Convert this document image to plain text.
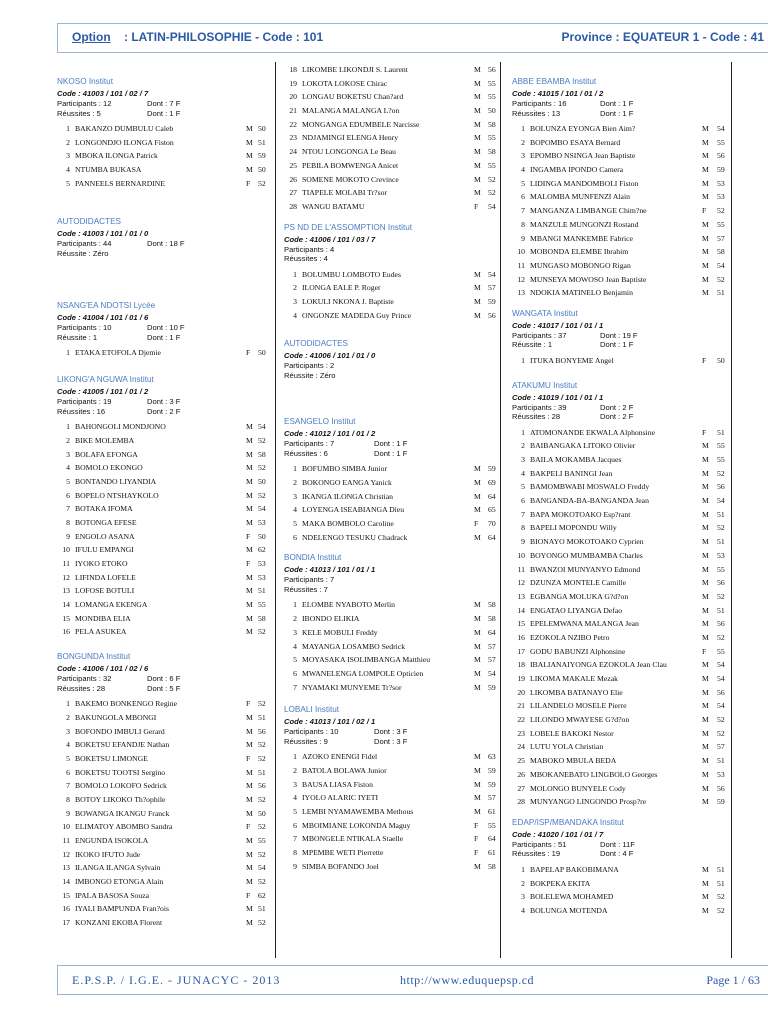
Option : LATIN-PHILOSOPHIE - Code : 101	Province : EQUATEUR 1 - Code : 41
NKOSO Institut
Code : 41003 / 101 / 02 / 7
Participants : 12	Dont : 7 F
Réussites : 5	Dont : 1 F
1 BAKANZO DUMBULU Caleb	M 50
2 LONGONDJO ILONGA Fiston	M 51
3 MBOKA ILONGA Patrick	M 59
4 NTUMBA BUKASA	M 50
5 PANNEELS BERNARDINE	F 52
AUTODIDACTES
Code : 41003 / 101 / 01 / 0
Participants : 44	Dont : 18 F
Réussite : Zéro
NSANG'EA NDOTSI Lycée
Code : 41004 / 101 / 01 / 6
Participants : 10	Dont : 10 F
Réussite : 1	Dont : 1 F
1 ETAKA ETOFOLA Djemie	F 50
LIKONG'A NGUWA Institut
Code : 41005 / 101 / 01 / 2
Participants : 19	Dont : 3 F
Réussites : 16	Dont : 2 F
1 BAHONGOLI MONDJONO	M 54
2 BIKE MOLEMBA	M 52
3 BOLAFA EFONGA	M 58
4 BOMOLO EKONGO	M 52
5 BONTANDO LIYANDIA	M 50
6 BOPELO NTSHAYKOLO	M 52
7 BOTAKA IFOMA	M 54
8 BOTONGA EFESE	M 53
9 ENGOLO ASANA	F 50
10 IFULU EMPANGI	M 62
11 IYOKO ETOKO	F 53
12 LIFINDA LOFELE	M 53
13 LOFOSE BOTULI	M 51
14 LOMANGA EKENGA	M 55
15 MONDIBA ELIA	M 58
16 PELA ASUKEA	M 52
BONGUNDA Institut
Code : 41006 / 101 / 02 / 6
Participants : 32	Dont : 6 F
Réussites : 28	Dont : 5 F
1 BAKEMO BONKENGO Regine	F 52
2 BAKUNGOLA MBONGI	M 51
3 BOFONDO IMBULI Gerard	M 56
4 BOKETSU EFANDJE Nathan	M 52
5 BOKETSU LIMONGE	F 52
6 BOKETSU TOOTSI Sergino	M 51
7 BOMOLO LOKOFO Sedrick	M 56
8 BOTOY LIKOKO Th?ophile	M 52
9 BOWANGA IKANGU Franck	M 50
10 ELIMATOY ABOMBO Sandra	F 52
11 ENGUNDA ISOKOLA	M 55
12 IKOKO IFUTO Jude	M 52
13 ILANGA ILANGA Sylvain	M 54
14 IMBONGO ETONGA Alain	M 52
15 IPALA BASOSA Souza	F 62
16 IYALI BAMPUNDA Fran?ois	M 51
17 KONZANI EKOBA Florent	M 52
18 LIKOMBE LIKONDJI S. Laurent	M 56
19 LOKOTA LOKOSE Chirac	M 55
20 LONGAU BOKETSU Chan?ard	M 55
21 MALANGA MALANGA L?on	M 50
22 MONGANGA EDUMBELE Narcisse	M 58
23 NDJAMINGI ELENGA Henry	M 55
24 NTOU LONGONGA Le Beau	M 58
25 PEBILA BOMWENGA Anicet	M 55
26 SOMENE MOKOTO Crevince	M 52
27 TIAPELE MOLABI Tr?sor	M 52
28 WANGU BATAMU	F 54
PS ND DE L'ASSOMPTION Institut
Code : 41006 / 101 / 03 / 7
Participants : 4
Réussites : 4
1 BOLUMBU LOMBOTO Eudes	M 54
2 ILONGA EALE P. Roger	M 57
3 LOKULI NKONA J. Baptiste	M 59
4 ONGONZE MADEDA Guy Prince	M 56
AUTODIDACTES
Code : 41006 / 101 / 01 / 0
Participants : 2
Réussite : Zéro
ESANGELO Institut
Code : 41012 / 101 / 01 / 2
Participants : 7	Dont : 1 F
Réussites : 6	Dont : 1 F
1 BOFUMBO SIMBA Junior	M 59
2 BOKONGO EANGA Yanick	M 69
3 IKANGA ILONGA Christian	M 64
4 LOYENGA ISEABIANGA Dieu	M 65
5 MAKA BOMBOLO Caroline	F 70
6 NDELENGO TESUKU Chadrack	M 64
BONDIA Institut
Code : 41013 / 101 / 01 / 1
Participants : 7
Réussites : 7
1 ELOMBE NYABOTO Merlin	M 58
2 IBONDO ELIKIA	M 58
3 KELE MOBULI Freddy	M 64
4 MAYANGA LOSAMBO Sedrick	M 57
5 MOYASAKA ISOLIMBANGA Matthieu	M 57
6 MWANELENGA LOMPOLE Opticien	M 54
7 NYAMAKI MUNYEME Tr?sor	M 59
LOBALI Institut
Code : 41013 / 101 / 02 / 1
Participants : 10	Dont : 3 F
Réussites : 9	Dont : 3 F
1 AZOKO ENENGI Fidel	M 63
2 BATOLA BOLAWA Junior	M 59
3 BAUSA LIASA Fiston	M 59
4 IYOLO ALARIC IYETI	M 57
5 LEMBI NYAMAWEMBA Methous	M 61
6 MBOIMIANE LOKONDA Maguy	F 55
7 MBONGELE NTIKALA Staelle	F 64
8 MPEMBE WETI Pierrette	F 61
9 SIMBA BOFANDO Joel	M 58
ABBE EBAMBA Institut
Code : 41015 / 101 / 01 / 2
Participants : 16	Dont : 1 F
Réussites : 13	Dont : 1 F
1 BOLUNZA EYONGA Bien Aim?	M 54
2 BOPOMBO ESAYA Bernard	M 55
3 EPOMBO NSINGA Jean Baptiste	M 56
4 INGAMBA IPONDO Camera	M 59
5 LIDINGA MANDOMBOLI Fiston	M 53
6 MALOMBA MUNFENZI Alain	M 53
7 MANGANZA LIMBANGE Chim?ne	F 52
8 MANZULE MUNGONZI Rostand	M 55
9 MBANGI MANKEMBE Fabrice	M 57
10 MOBONDA ELEMBE Ibrahim	M 58
11 MUNGASO MOBONGO Rigan	M 54
12 MUNSEYA MOWOSO Jean Baptiste	M 52
13 NDOKIA MATINELO Benjamin	M 51
WANGATA Institut
Code : 41017 / 101 / 01 / 1
Participants : 37	Dont : 19 F
Réussite : 1	Dont : 1 F
1 ITUKA BONYEME Angel	F 50
ATAKUMU Institut
Code : 41019 / 101 / 01 / 1
Participants : 39	Dont : 2 F
Réussites : 28	Dont : 2 F
1 ATOMONANDE EKWALA Alphonsine	F 51
2 BAIBANGAKA LITOKO Olivier	M 55
3 BAILA MOKAMBA Jacques	M 55
4 BAKPELI BANINGI Jean	M 52
5 BAMOMBWABI MOSWALO Freddy	M 56
6 BANGANDA-BA-BANGANDA Jean	M 54
7 BAPA MOKOTOAKO Esp?rant	M 51
8 BAPELI MOPONDU Willy	M 52
9 BIONAYO MOKOTOAKO Cyprien	M 51
10 BOYONGO MUMBAMBA Charles	M 53
11 BWANZOI MUNYANYO Edmond	M 55
12 DZUNZA MONTELE Camille	M 56
13 EGBANGA MOLUKA G?d?on	M 52
14 ENGATAO LIYANGA Defao	M 51
15 EPELEMWANA MALANGA Jean	M 56
16 EZOKOLA NZIBO Petro	M 52
17 GODU BABUNZI Alphonsine	F 55
18 IBALIANAIYONGA EZOKOLA Jean Clau	M 54
19 LIKOMA MAKALE Mezak	M 54
20 LIKOMBA BATANAYO Elie	M 56
21 LILANDELO MOSELE Pierre	M 54
22 LILONDO MWAYESE G?d?on	M 52
23 LOBELE BAKOKI Nestor	M 52
24 LUTU YOLA Christian	M 57
25 MABOKO MBULA BEDA	M 51
26 MBOKANEBATO LINGBOLO Georges	M 53
27 MOLONGO BUNYELE Cody	M 56
28 MUNYANGO LINGONDO Prosp?re	M 59
EDAP/ISP/MBANDAKA Institut
Code : 41020 / 101 / 01 / 7
Participants : 51	Dont : 11F
Réussites : 19	Dont : 4 F
1 BAPELAP BAKOBIMANA	M 51
2 BOKPEKA EKITA	M 51
3 BOLELEWA MOHAMED	M 52
4 BOLUNGA MOTENDA	M 52
E.P.S.P. / I.G.E. - JUNACYC - 2013	http://www.eduquepsp.cd	Page 1 / 63
